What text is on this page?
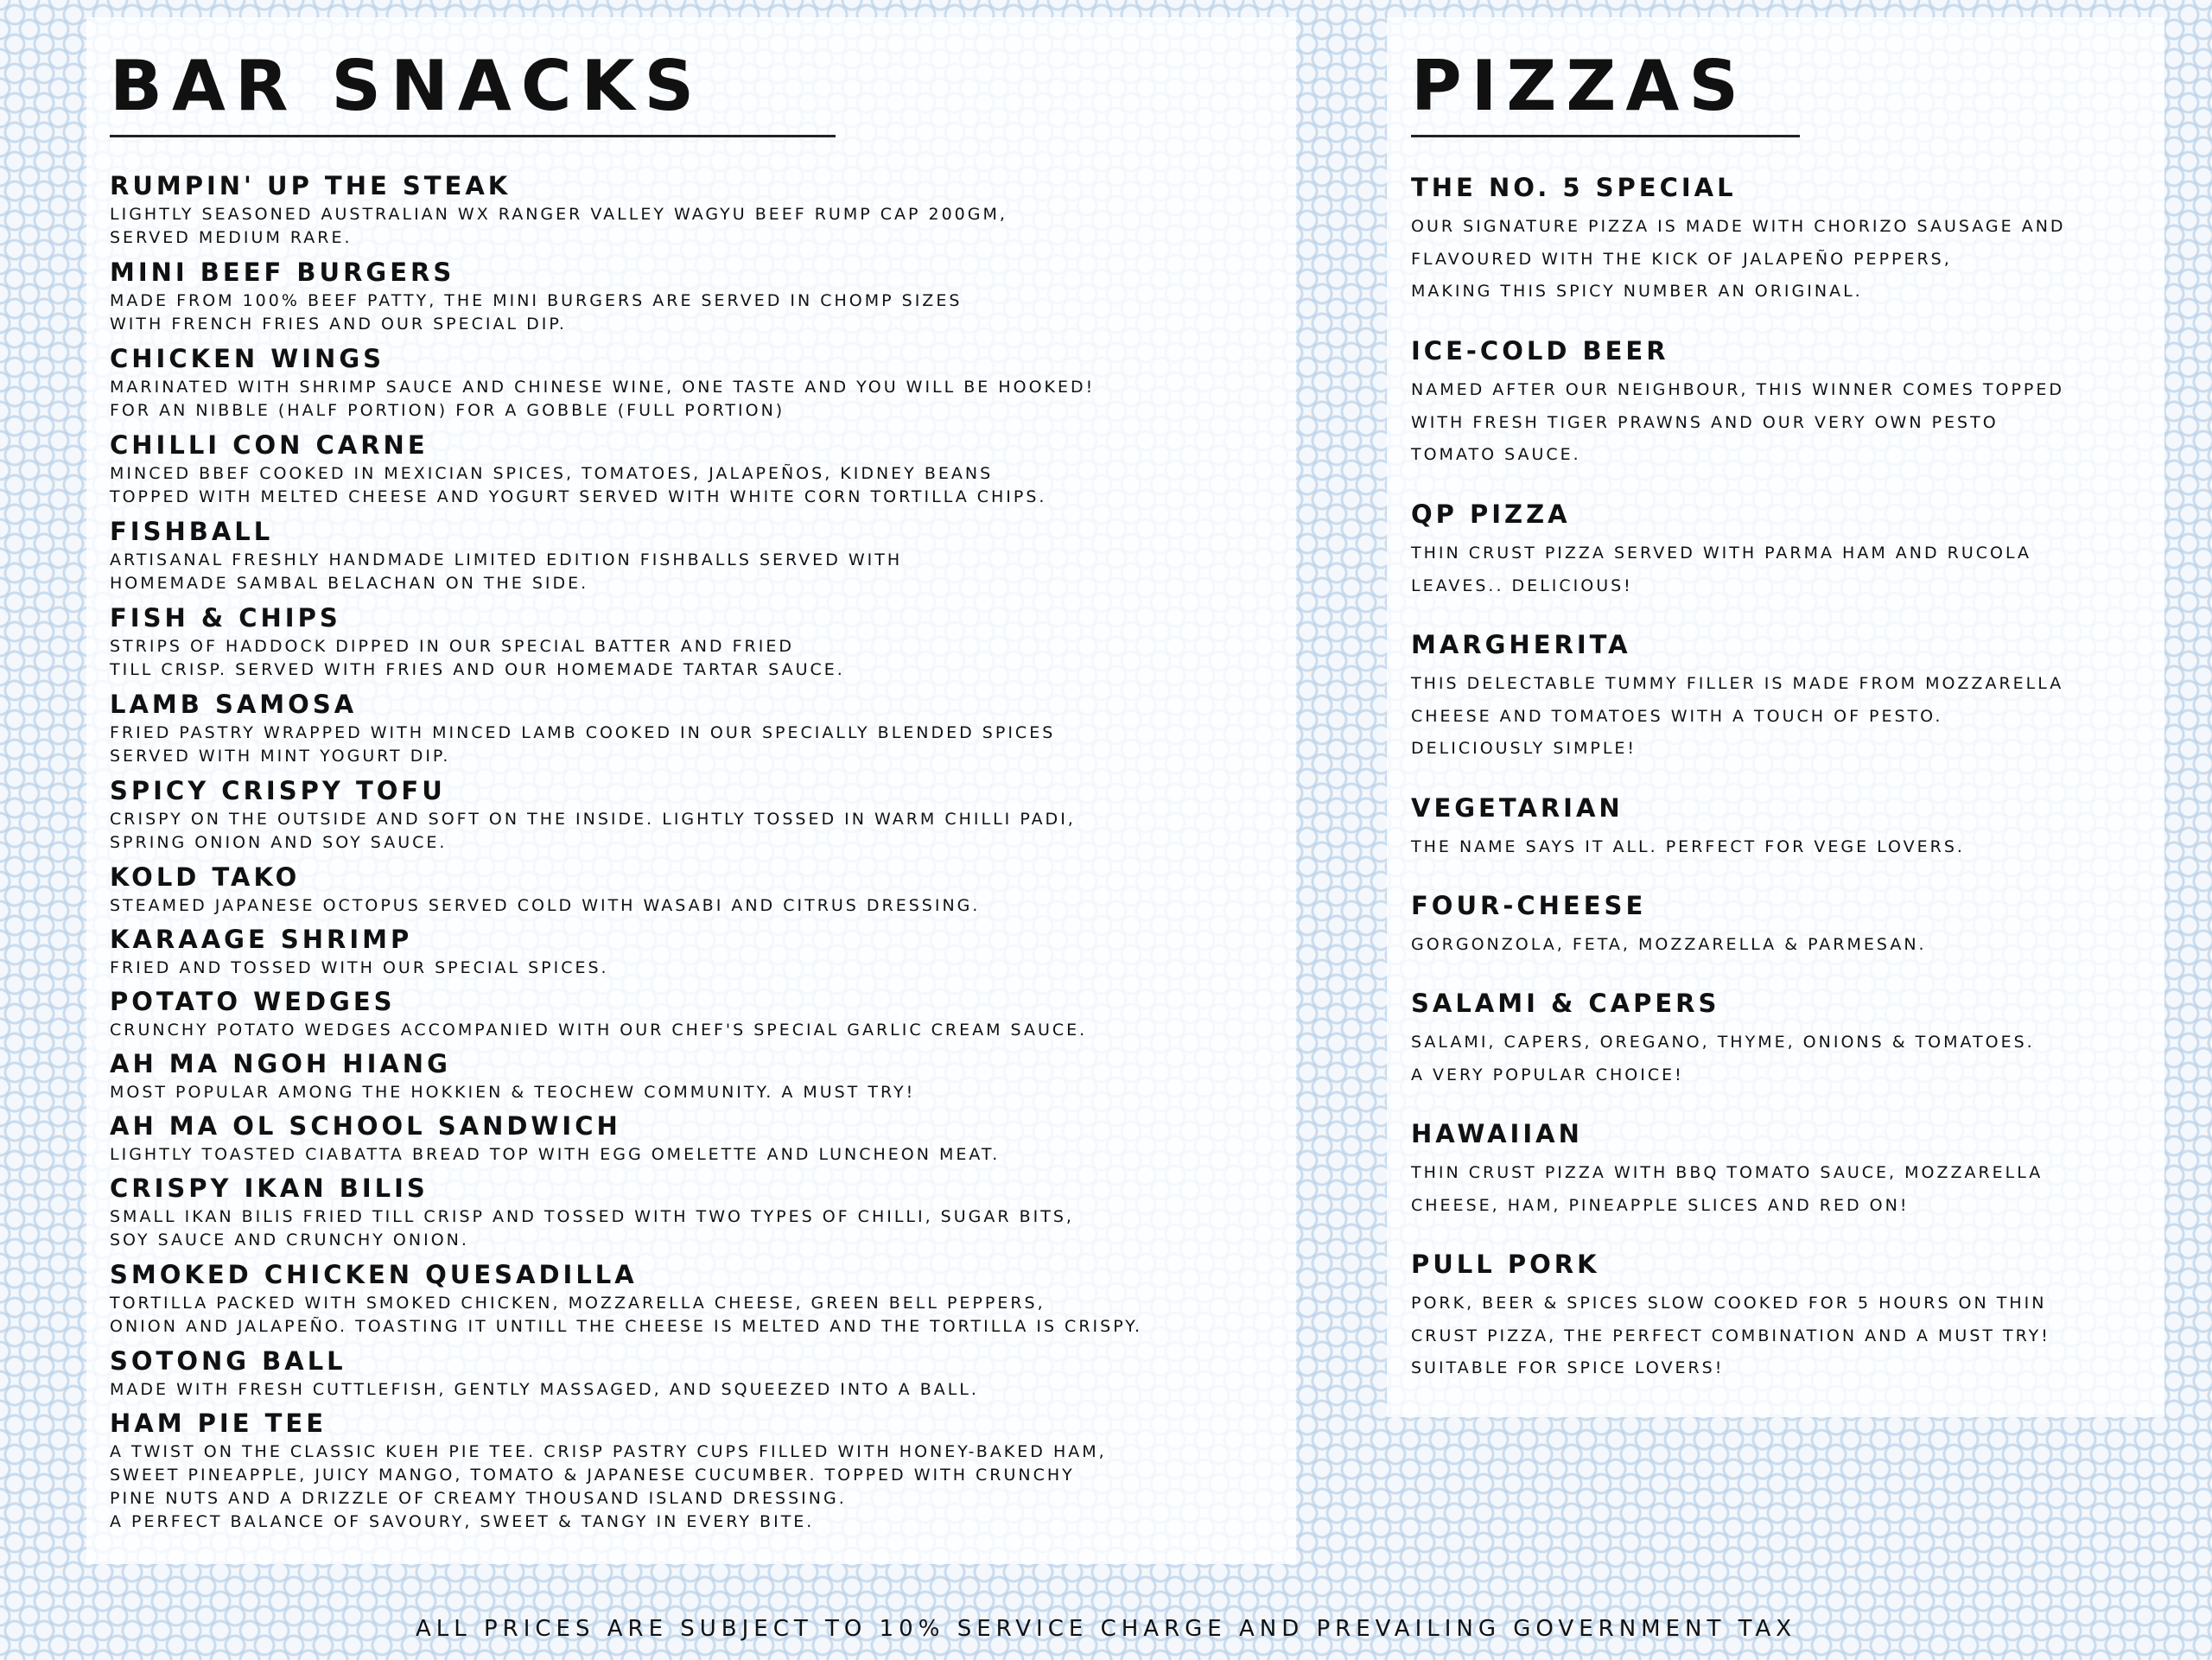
BAR SNACKS
RUMPIN' UP THE STEAK
LIGHTLY SEASONED AUSTRALIAN WX RANGER VALLEY WAGYU BEEF RUMP CAP 200GM,
SERVED MEDIUM RARE.
MINI BEEF BURGERS
MADE FROM 100% BEEF PATTY, THE MINI BURGERS ARE SERVED IN CHOMP SIZES
WITH FRENCH FRIES AND OUR SPECIAL DIP.
CHICKEN WINGS
MARINATED WITH SHRIMP SAUCE AND CHINESE WINE, ONE TASTE AND YOU WILL BE HOOKED!
FOR AN NIBBLE (HALF PORTION) FOR A GOBBLE (FULL PORTION)
CHILLI CON CARNE
MINCED BBEF COOKED IN MEXICIAN SPICES, TOMATOES, JALAPEÑOS, KIDNEY BEANS
TOPPED WITH MELTED CHEESE AND YOGURT SERVED WITH WHITE CORN TORTILLA CHIPS.
FISHBALL
ARTISANAL FRESHLY HANDMADE LIMITED EDITION FISHBALLS SERVED WITH
HOMEMADE SAMBAL BELACHAN ON THE SIDE.
FISH & CHIPS
STRIPS OF HADDOCK DIPPED IN OUR SPECIAL BATTER AND FRIED
TILL CRISP. SERVED WITH FRIES AND OUR HOMEMADE TARTAR SAUCE.
LAMB SAMOSA
FRIED PASTRY WRAPPED WITH MINCED LAMB COOKED IN OUR SPECIALLY BLENDED SPICES
SERVED WITH MINT YOGURT DIP.
SPICY CRISPY TOFU
CRISPY ON THE OUTSIDE AND SOFT ON THE INSIDE. LIGHTLY TOSSED IN WARM CHILLI PADI,
SPRING ONION AND SOY SAUCE.
KOLD TAKO
STEAMED JAPANESE OCTOPUS SERVED COLD WITH WASABI AND CITRUS DRESSING.
KARAAGE SHRIMP
FRIED AND TOSSED WITH OUR SPECIAL SPICES.
POTATO WEDGES
CRUNCHY POTATO WEDGES ACCOMPANIED WITH OUR CHEF'S SPECIAL GARLIC CREAM SAUCE.
AH MA NGOH HIANG
MOST POPULAR AMONG THE HOKKIEN & TEOCHEW COMMUNITY. A MUST TRY!
AH MA OL SCHOOL SANDWICH
LIGHTLY TOASTED CIABATTA BREAD TOP WITH EGG OMELETTE AND LUNCHEON MEAT.
CRISPY IKAN BILIS
SMALL IKAN BILIS FRIED TILL CRISP AND TOSSED WITH TWO TYPES OF CHILLI, SUGAR BITS,
SOY SAUCE AND CRUNCHY ONION.
SMOKED CHICKEN QUESADILLA
TORTILLA PACKED WITH SMOKED CHICKEN, MOZZARELLA CHEESE, GREEN BELL PEPPERS,
ONION AND JALAPEÑO. TOASTING IT UNTILL THE CHEESE IS MELTED AND THE TORTILLA IS CRISPY.
SOTONG BALL
MADE WITH FRESH CUTTLEFISH, GENTLY MASSAGED, AND SQUEEZED INTO A BALL.
HAM PIE TEE
A TWIST ON THE CLASSIC KUEH PIE TEE. CRISP PASTRY CUPS FILLED WITH HONEY-BAKED HAM,
SWEET PINEAPPLE, JUICY MANGO, TOMATO & JAPANESE CUCUMBER. TOPPED WITH CRUNCHY
PINE NUTS AND A DRIZZLE OF CREAMY THOUSAND ISLAND DRESSING.
A PERFECT BALANCE OF SAVOURY, SWEET & TANGY IN EVERY BITE.
PIZZAS
THE NO. 5 SPECIAL
OUR SIGNATURE PIZZA IS MADE WITH CHORIZO SAUSAGE AND
FLAVOURED WITH THE KICK OF JALAPEÑO PEPPERS,
MAKING THIS SPICY NUMBER AN ORIGINAL.
ICE-COLD BEER
NAMED AFTER OUR NEIGHBOUR, THIS WINNER COMES TOPPED
WITH FRESH TIGER PRAWNS AND OUR VERY OWN PESTO
TOMATO SAUCE.
QP PIZZA
THIN CRUST PIZZA SERVED WITH PARMA HAM AND RUCOLA
LEAVES.. DELICIOUS!
MARGHERITA
THIS DELECTABLE TUMMY FILLER IS MADE FROM MOZZARELLA
CHEESE AND TOMATOES WITH A TOUCH OF PESTO.
DELICIOUSLY SIMPLE!
VEGETARIAN
THE NAME SAYS IT ALL. PERFECT FOR VEGE LOVERS.
FOUR-CHEESE
GORGONZOLA, FETA, MOZZARELLA & PARMESAN.
SALAMI & CAPERS
SALAMI, CAPERS, OREGANO, THYME, ONIONS & TOMATOES.
A VERY POPULAR CHOICE!
HAWAIIAN
THIN CRUST PIZZA WITH BBQ TOMATO SAUCE, MOZZARELLA
CHEESE, HAM, PINEAPPLE SLICES AND RED ON!
PULL PORK
PORK, BEER & SPICES SLOW COOKED FOR 5 HOURS ON THIN
CRUST PIZZA, THE PERFECT COMBINATION AND A MUST TRY!
SUITABLE FOR SPICE LOVERS!
ALL PRICES ARE SUBJECT TO 10% SERVICE CHARGE AND PREVAILING GOVERNMENT TAX
